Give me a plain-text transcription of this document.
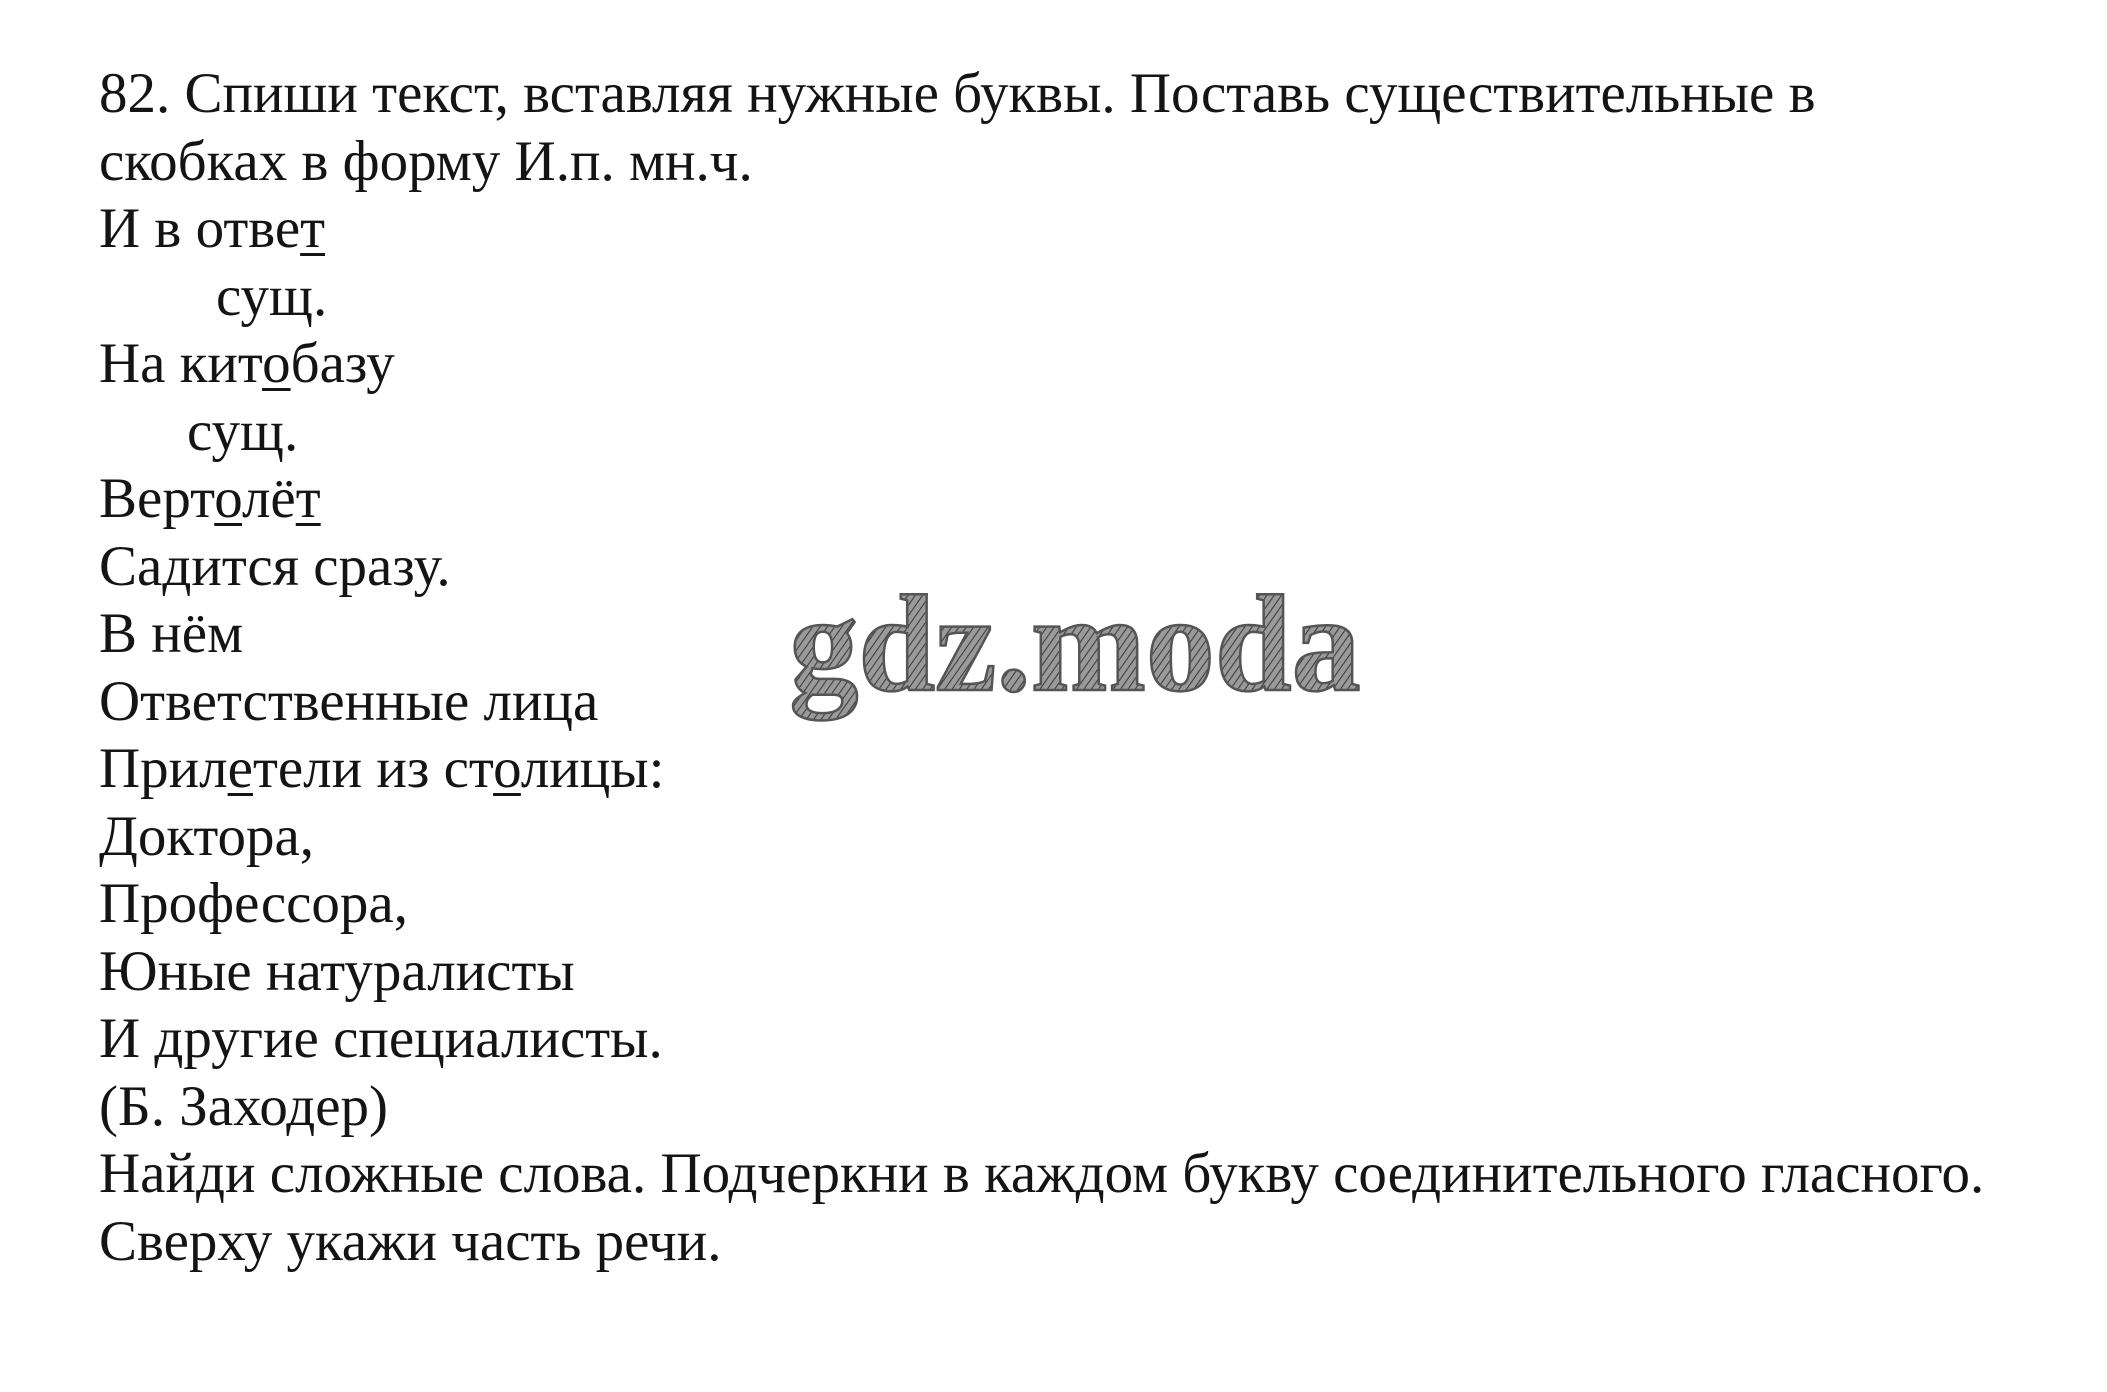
82. Спиши текст, вставляя нужные буквы. Поставь существительные в
скобках в форму И.п. мн.ч.
И в ответ
сущ.
На китобазу
сущ.
Вертолёт
Садится сразу.
В нём
Ответственные лица
Прилетели из столицы:
Доктора,
Профессора,
Юные натуралисты
И другие специалисты.
(Б. Заходер)
Найди сложные слова. Подчеркни в каждом букву соединительного гласного.
Сверху укажи часть речи.
gdz.moda
